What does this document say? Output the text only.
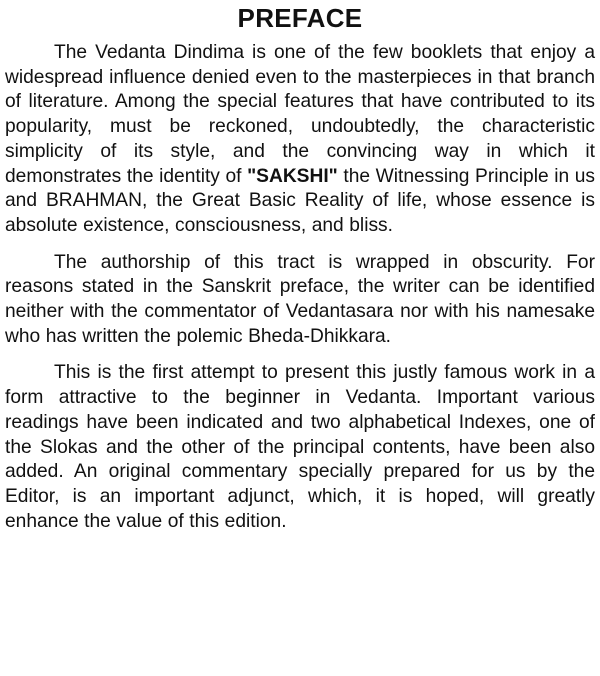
PREFACE

The Vedanta Dindima is one of the few booklets that enjoy a widespread influence denied even to the masterpieces in that branch of literature. Among the special features that have contributed to its popularity, must be reckoned, undoubtedly, the characteristic simplicity of its style, and the convincing way in which it demonstrates the identity of "SAKSHI" the Witnessing Principle in us and BRAHMAN, the Great Basic Reality of life, whose essence is absolute existence, consciousness, and bliss.

The authorship of this tract is wrapped in obscurity. For reasons stated in the Sanskrit preface, the writer can be identified neither with the commentator of Vedantasara nor with his namesake who has written the polemic Bheda-Dhikkara.

This is the first attempt to present this justly famous work in a form attractive to the beginner in Vedanta. Important various readings have been indicated and two alphabetical Indexes, one of the Slokas and the other of the principal contents, have been also added. An original commentary specially prepared for us by the Editor, is an important adjunct, which, it is hoped, will greatly enhance the value of this edition.
